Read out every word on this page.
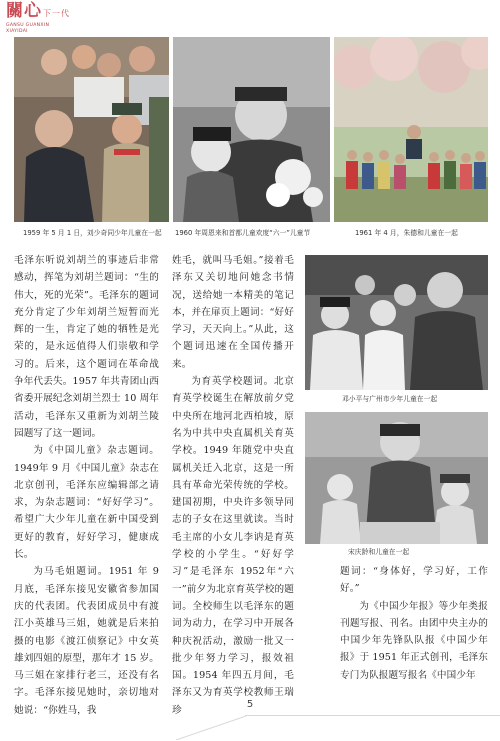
關心下一代
GANSU GUANXIN
XIAYIDAI
1959 年 5 月 1 日，刘少奇同少年儿童在一起 1960 年周恩来和首都儿童欢度“六一”儿童节	1961 年 4 月，朱德和儿童在一起
邓小平与广州市少年儿童在一起
宋庆龄和儿童在一起

毛泽东听说刘胡兰的事迹后非常感动，挥笔为刘胡兰题词：“生的伟大，死的光荣”。毛泽东的题词充分肯定了少年刘胡兰短暂而光辉的一生，肯定了她的牺牲是光荣的，是永远值得人们崇敬和学习的。后来，这个题词在革命战争年代丢失。1957 年共青团山西省委开展纪念刘胡兰烈士 10 周年活动，毛泽东又重新为刘胡兰陵园题写了这一题词。

为《中国儿童》杂志题词。1949年 9 月《中国儿童》杂志在北京创刊，毛泽东应编辑部之请求，为杂志题词：“好好学习”。希望广大少年儿童在新中国受到更好的教育，好好学习，健康成长。

为马毛姐题词。1951 年 9 月底，毛泽东接见安徽省参加国庆的代表团。代表团成员中有渡江小英雄马三姐，她就是后来拍摄的电影《渡江侦察记》中女英雄刘四姐的原型，那年才 15 岁。马三姐在家排行老三，还没有名字。毛泽东接见她时，亲切地对她说：“你姓马，我

姓毛，就叫马毛姐。”接着毛泽东又关切地问她念书情况，送给她一本精美的笔记本，并在扉页上题词：“好好学习，天天向上。”从此，这个题词迅速在全国传播开来。

为育英学校题词。北京育英学校诞生在解放前夕党中央所在地河北西柏坡，原名为中共中央直属机关育英学校。1949 年随党中央直属机关迁入北京，这是一所具有革命光荣传统的学校。建国初期，中央许多领导同志的子女在这里就读。当时毛主席的小女儿李讷是育英学校的小学生。“好好学习”是毛泽东 1952年“六一”前夕为北京育英学校的题词。全校师生以毛泽东的题词为动力，在学习中开展各种庆祝活动，激励一批又一批少年努力学习，报效祖国。1954 年四五月间，毛泽东又为育英学校教师王瑞珍

题词：“身体好，学习好，工作好。”

为《中国少年报》等少年类报刊题写报、刊名。由团中央主办的中国少年先锋队队报《中国少年报》于 1951 年正式创刊，毛泽东专门为队报题写报名《中国少年

5
